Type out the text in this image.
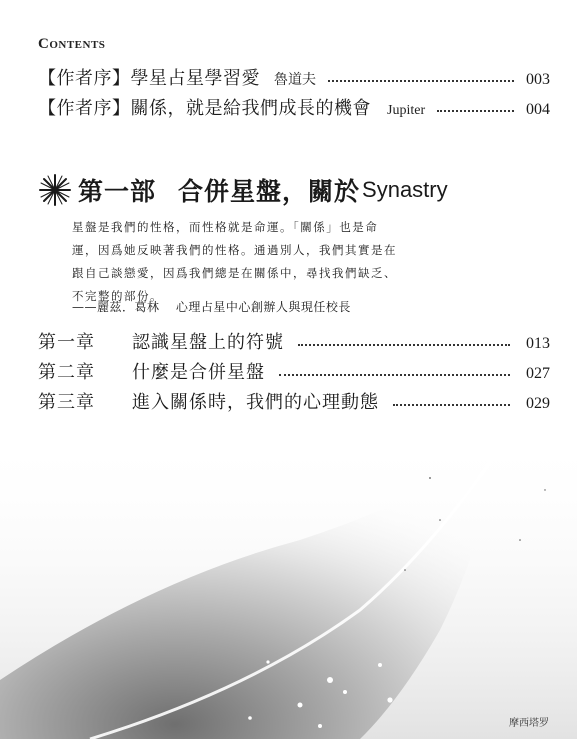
Contents
【作者序】學星占星學習愛 魯道夫	003
【作者序】關係，就是給我們成長的機會 Jupiter	004
第一部 合併星盤，關於 Synastry
星盤是我們的性格，而性格就是命運。「關係」也是命
運，因爲她反映著我們的性格。通過別人，我們其實是在
跟自己談戀愛，因爲我們總是在關係中，尋找我們缺乏、
不完整的部份。
——麗茲．葛林 心理占星中心創辦人與現任校長
第一章	認識星盤上的符號	013
第二章	什麼是合併星盤	027
第三章	進入關係時，我們的心理動態	029
摩西塔罗
